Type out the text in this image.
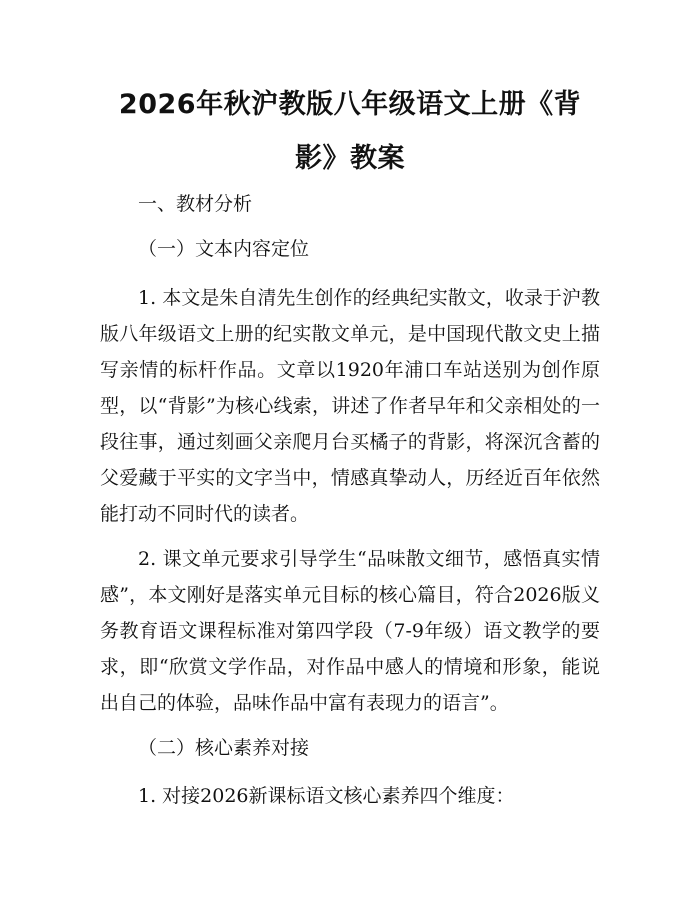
2026年秋沪教版八年级语文上册《背影》教案

一、教材分析

（一）文本内容定位

1. 本文是朱自清先生创作的经典纪实散文，收录于沪教版八年级语文上册的纪实散文单元，是中国现代散文史上描写亲情的标杆作品。文章以1920年浦口车站送别为创作原型，以“背影”为核心线索，讲述了作者早年和父亲相处的一段往事，通过刻画父亲爬月台买橘子的背影，将深沉含蓄的父爱藏于平实的文字当中，情感真挚动人，历经近百年依然能打动不同时代的读者。

2. 课文单元要求引导学生“品味散文细节，感悟真实情感”，本文刚好是落实单元目标的核心篇目，符合2026版义务教育语文课程标准对第四学段（7-9年级）语文教学的要求，即“欣赏文学作品，对作品中感人的情境和形象，能说出自己的体验，品味作品中富有表现力的语言”。

（二）核心素养对接

1. 对接2026新课标语文核心素养四个维度：
